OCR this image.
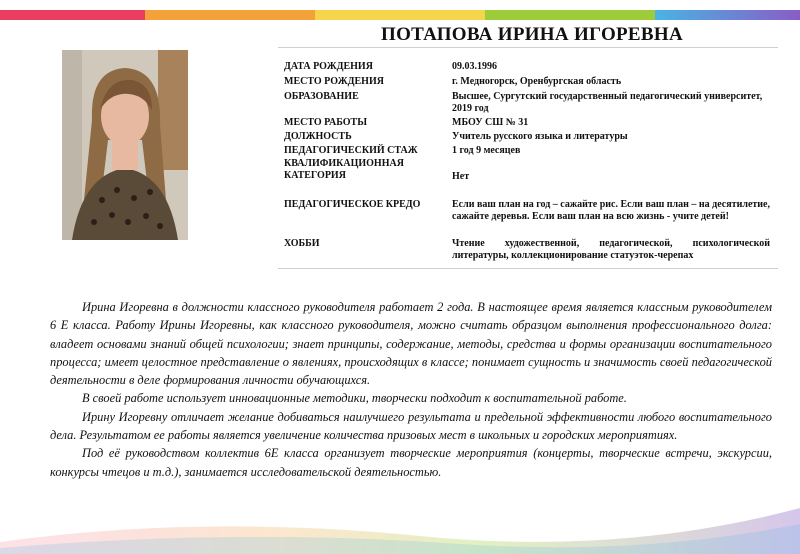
ПОТАПОВА ИРИНА ИГОРЕВНА
ДАТА РОЖДЕНИЯ	09.03.1996
МЕСТО РОЖДЕНИЯ	г. Медногорск, Оренбургская область
ОБРАЗОВАНИЕ	Высшее, Сургутский государственный педагогический университет, 2019 год
МЕСТО РАБОТЫ	МБОУ СШ № 31
ДОЛЖНОСТЬ	Учитель русского языка и литературы
ПЕДАГОГИЧЕСКИЙ СТАЖ	1 год 9 месяцев
КВАЛИФИКАЦИОННАЯ КАТЕГОРИЯ	Нет
ПЕДАГОГИЧЕСКОЕ КРЕДО	Если ваш план на год – сажайте рис. Если ваш план – на десятилетие, сажайте деревья. Если ваш план на всю жизнь - учите детей!
ХОББИ	Чтение художественной, педагогической, психологической литературы, коллекционирование статуэток-черепах

Ирина Игоревна в должности классного руководителя работает 2 года. В настоящее время является классным руководителем 6 Е класса. Работу Ирины Игоревны, как классного руководителя, можно считать образцом выполнения профессионального долга: владеет основами знаний общей психологии; знает принципы, содержание, методы, средства и формы организации воспитательного процесса; имеет целостное представление о явлениях, происходящих в классе; понимает сущность и значимость своей педагогической деятельности в деле формирования личности обучающихся.

В своей работе использует инновационные методики, творчески подходит к воспитательной работе.

Ирину Игоревну отличает желание добиваться наилучшего результата и предельной эффективности любого воспитательного дела. Результатом ее работы является увеличение количества призовых мест в школьных и городских мероприятиях.

Под её руководством коллектив 6Е класса организует творческие мероприятия (концерты, творческие встречи, экскурсии, конкурсы чтецов и т.д.), занимается исследовательской деятельностью.
